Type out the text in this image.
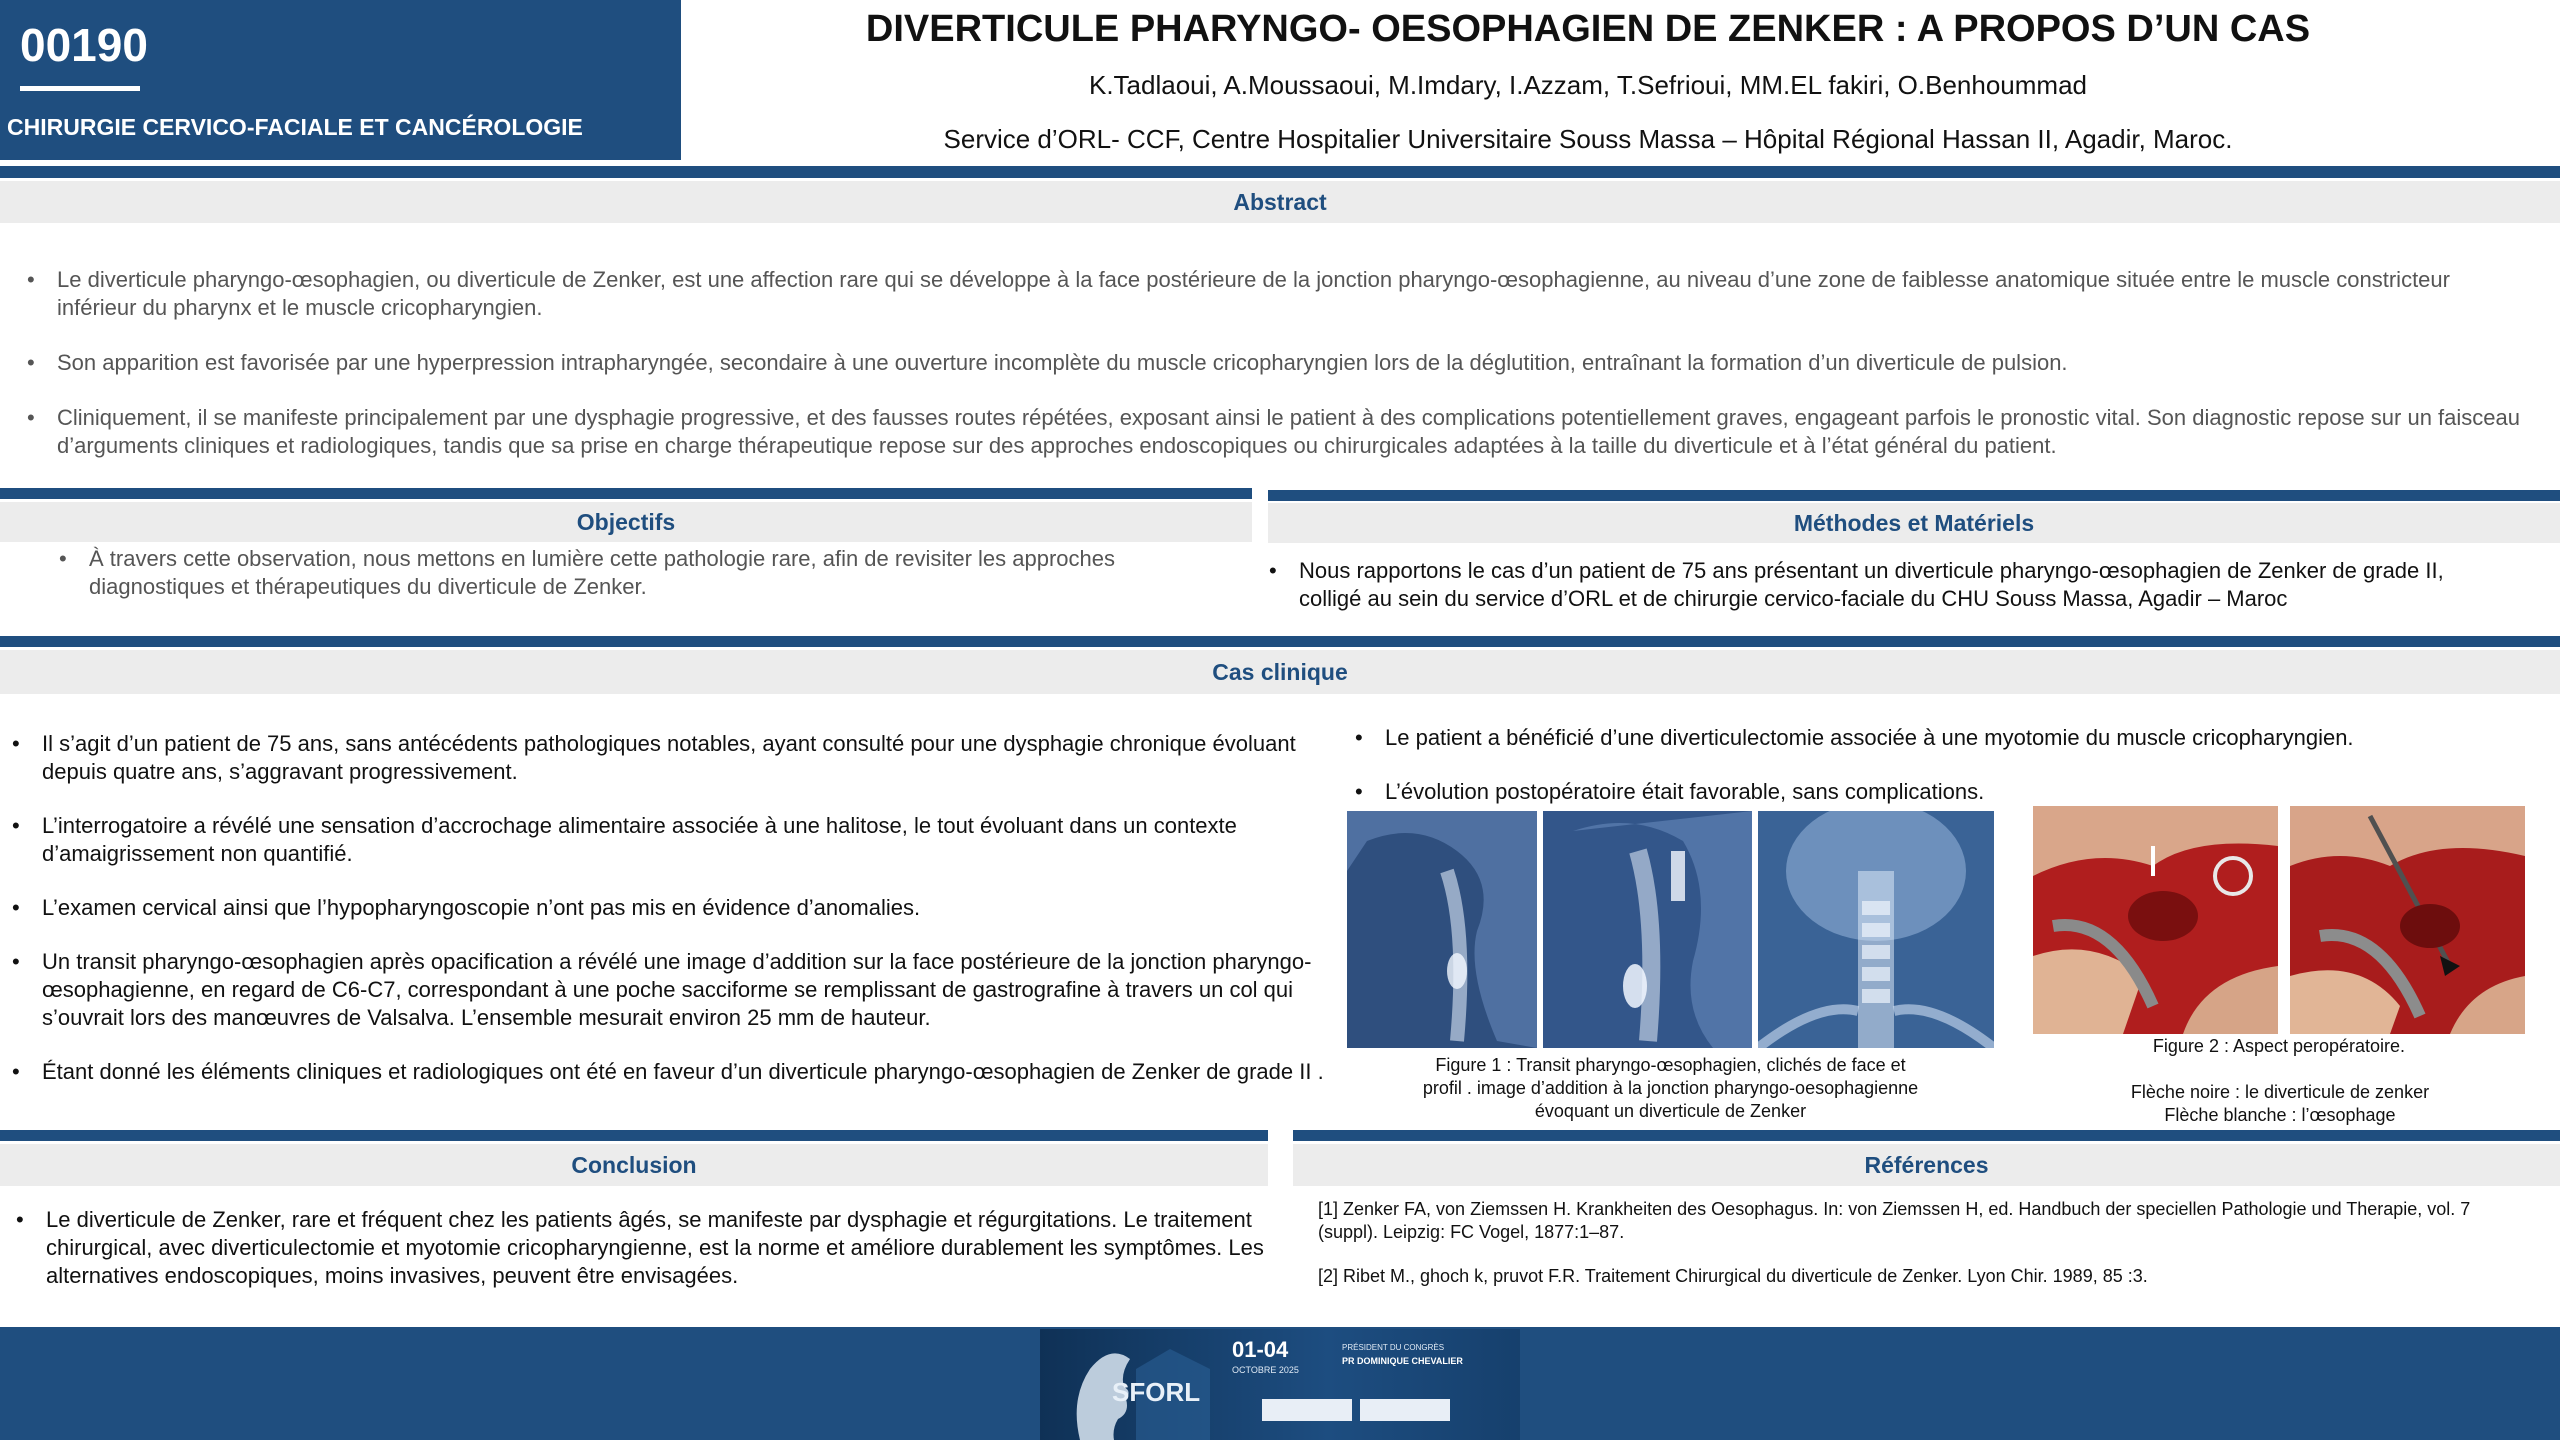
00190
CHIRURGIE CERVICO-FACIALE ET CANCÉROLOGIE
DIVERTICULE PHARYNGO- OESOPHAGIEN DE ZENKER : A PROPOS D’UN CAS
K.Tadlaoui, A.Moussaoui, M.Imdary, I.Azzam, T.Sefrioui, MM.EL fakiri, O.Benhoummad
Service d’ORL- CCF, Centre Hospitalier Universitaire Souss Massa – Hôpital Régional Hassan II, Agadir, Maroc.
Abstract
• Le diverticule pharyngo-œsophagien, ou diverticule de Zenker, est une affection rare qui se développe à la face postérieure de la jonction pharyngo-œsophagienne, au niveau d’une zone de faiblesse anatomique située entre le muscle constricteur inférieur du pharynx et le muscle cricopharyngien.
• Son apparition est favorisée par une hyperpression intrapharyngée, secondaire à une ouverture incomplète du muscle cricopharyngien lors de la déglutition, entraînant la formation d’un diverticule de pulsion.
• Cliniquement, il se manifeste principalement par une dysphagie progressive, et des fausses routes répétées, exposant ainsi le patient à des complications potentiellement graves, engageant parfois le pronostic vital. Son diagnostic repose sur un faisceau d’arguments cliniques et radiologiques, tandis que sa prise en charge thérapeutique repose sur des approches endoscopiques ou chirurgicales adaptées à la taille du diverticule et à l’état général du patient.
Objectifs
• À travers cette observation, nous mettons en lumière cette pathologie rare, afin de revisiter les approches diagnostiques et thérapeutiques du diverticule de Zenker.
Méthodes et Matériels
• Nous rapportons le cas d’un patient de 75 ans présentant un diverticule pharyngo-œsophagien de Zenker de grade II, colligé au sein du service d’ORL et de chirurgie cervico-faciale du CHU Souss Massa, Agadir – Maroc
Cas clinique
• Il s’agit d’un patient de 75 ans, sans antécédents pathologiques notables, ayant consulté pour une dysphagie chronique évoluant depuis quatre ans, s’aggravant progressivement.
• L’interrogatoire a révélé une sensation d’accrochage alimentaire associée à une halitose, le tout évoluant dans un contexte d’amaigrissement non quantifié.
• L’examen cervical ainsi que l’hypopharyngoscopie n’ont pas mis en évidence d’anomalies.
• Un transit pharyngo-œsophagien après opacification a révélé une image d’addition sur la face postérieure de la jonction pharyngo-œsophagienne, en regard de C6-C7, correspondant à une poche sacciforme se remplissant de gastrografine à travers un col qui s’ouvrait lors des manœuvres de Valsalva. L’ensemble mesurait environ 25 mm de hauteur.
• Étant donné les éléments cliniques et radiologiques ont été en faveur d’un diverticule pharyngo-œsophagien de Zenker de grade II .
• Le patient a bénéficié d’une diverticulectomie associée à une myotomie du muscle cricopharyngien.
• L’évolution postopératoire était favorable, sans complications.
Figure 1 : Transit pharyngo-œsophagien, clichés de face et
profil . image d’addition à la jonction pharyngo-oesophagienne
évoquant un diverticule de Zenker
Figure 2 : Aspect peropératoire.
Flèche noire : le diverticule de zenker
Flèche blanche : l’œsophage
Conclusion
• Le diverticule de Zenker, rare et fréquent chez les patients âgés, se manifeste par dysphagie et régurgitations. Le traitement chirurgical, avec diverticulectomie et myotomie cricopharyngienne, est la norme et améliore durablement les symptômes. Les alternatives endoscopiques, moins invasives, peuvent être envisagées.
Références
[1] Zenker FA, von Ziemssen H. Krankheiten des Oesophagus. In: von Ziemssen H, ed. Handbuch der speciellen Pathologie und Therapie, vol. 7 (suppl). Leipzig: FC Vogel, 1877:1–87.
[2] Ribet M., ghoch k, pruvot F.R. Traitement Chirurgical du diverticule de Zenker. Lyon Chir. 1989, 85 :3.
SFORL
01-04
OCTOBRE 2025
PRÉSIDENT DU CONGRÈS
PR DOMINIQUE CHEVALIER
